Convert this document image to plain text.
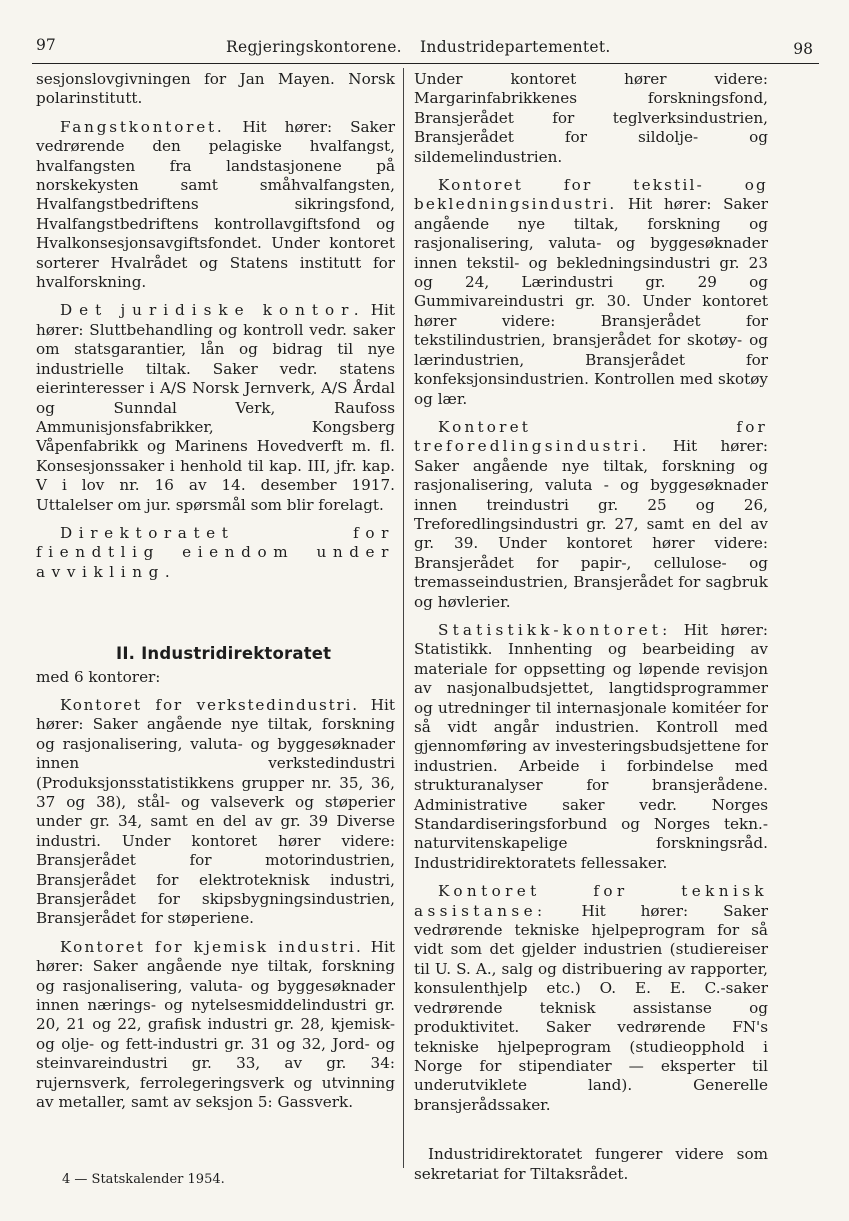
97	Regjeringskontorene. Industridepartementet.	98

sesjonslovgivningen for Jan Mayen. Norsk polarinstitutt.

Fangstkontoret. Hit hører: Saker vedrørende den pelagiske hvalfangst, hvalfangsten fra landstasjonene på norskekysten samt småhvalfangsten, Hvalfangstbedriftens sikringsfond, Hvalfangstbedriftens kontrollavgiftsfond og Hvalkonsesjonsavgiftsfondet. Under kontoret sorterer Hvalrådet og Statens institutt for hvalforskning.

Det juridiske kontor. Hit hører: Sluttbehandling og kontroll vedr. saker om statsgarantier, lån og bidrag til nye industrielle tiltak. Saker vedr. statens eierinteresser i A/S Norsk Jernverk, A/S Årdal og Sunndal Verk, Raufoss Ammunisjonsfabrikker, Kongsberg Våpenfabrikk og Marinens Hovedverft m. fl. Konsesjonssaker i henhold til kap. III, jfr. kap. V i lov nr. 16 av 14. desember 1917. Uttalelser om jur. spørsmål som blir forelagt.

Direktoratet for fiendtlig eiendom under avvikling.

II. Industridirektoratet

med 6 kontorer:

Kontoret for verkstedindustri. Hit hører: Saker angående nye tiltak, forskning og rasjonalisering, valuta- og byggesøknader innen verkstedindustri (Produksjonsstatistikkens grupper nr. 35, 36, 37 og 38), stål- og valseverk og støperier under gr. 34, samt en del av gr. 39 Diverse industri. Under kontoret hører videre: Bransjerådet for motorindustrien, Bransjerådet for elektroteknisk industri, Bransjerådet for skipsbygningsindustrien, Bransjerådet for støperiene.

Kontoret for kjemisk industri. Hit hører: Saker angående nye tiltak, forskning og rasjonalisering, valuta- og byggesøknader innen nærings- og nytelsesmiddelindustri gr. 20, 21 og 22, grafisk industri gr. 28, kjemisk- og olje- og fett-industri gr. 31 og 32, Jord- og steinvareindustri gr. 33, av gr. 34: rujernsverk, ferrolegeringsverk og utvinning av metaller, samt av seksjon 5: Gassverk.

Under kontoret hører videre: Margarinfabrikkenes forskningsfond, Bransjerådet for teglverksindustrien, Bransjerådet for sildolje- og sildemelindustrien.

Kontoret for tekstil- og bekledningsindustri. Hit hører: Saker angående nye tiltak, forskning og rasjonalisering, valuta- og byggesøknader innen tekstil- og bekledningsindustri gr. 23 og 24, Lærindustri gr. 29 og Gummivareindustri gr. 30. Under kontoret hører videre: Bransjerådet for tekstilindustrien, bransjerådet for skotøy- og lærindustrien, Bransjerådet for konfeksjonsindustrien. Kontrollen med skotøy og lær.

Kontoret for treforedlingsindustri. Hit hører: Saker angående nye tiltak, forskning og rasjonalisering, valuta - og byggesøknader innen treindustri gr. 25 og 26, Treforedlingsindustri gr. 27, samt en del av gr. 39. Under kontoret hører videre: Bransjerådet for papir-, cellulose- og tremasseindustrien, Bransjerådet for sagbruk og høvlerier.

Statistikk-kontoret: Hit hører: Statistikk. Innhenting og bearbeiding av materiale for oppsetting og løpende revisjon av nasjonalbudsjettet, langtidsprogrammer og utredninger til internasjonale komitéer for så vidt angår industrien. Kontroll med gjennomføring av investeringsbudsjettene for industrien. Arbeide i forbindelse med strukturanalyser for bransjerådene. Administrative saker vedr. Norges Standardiseringsforbund og Norges tekn.-naturvitenskapelige forskningsråd. Industridirektoratets fellessaker.

Kontoret for teknisk assistanse: Hit hører: Saker vedrørende tekniske hjelpeprogram for så vidt som det gjelder industrien (studiereiser til U. S. A., salg og distribuering av rapporter, konsulenthjelp etc.) O. E. E. C.-saker vedrørende teknisk assistanse og produktivitet. Saker vedrørende FN's tekniske hjelpeprogram (studieopphold i Norge for stipendiater — eksperter til underutviklete land). Generelle bransjerådssaker.

Industridirektoratet fungerer videre som sekretariat for Tiltaksrådet.

4 — Statskalender 1954.
